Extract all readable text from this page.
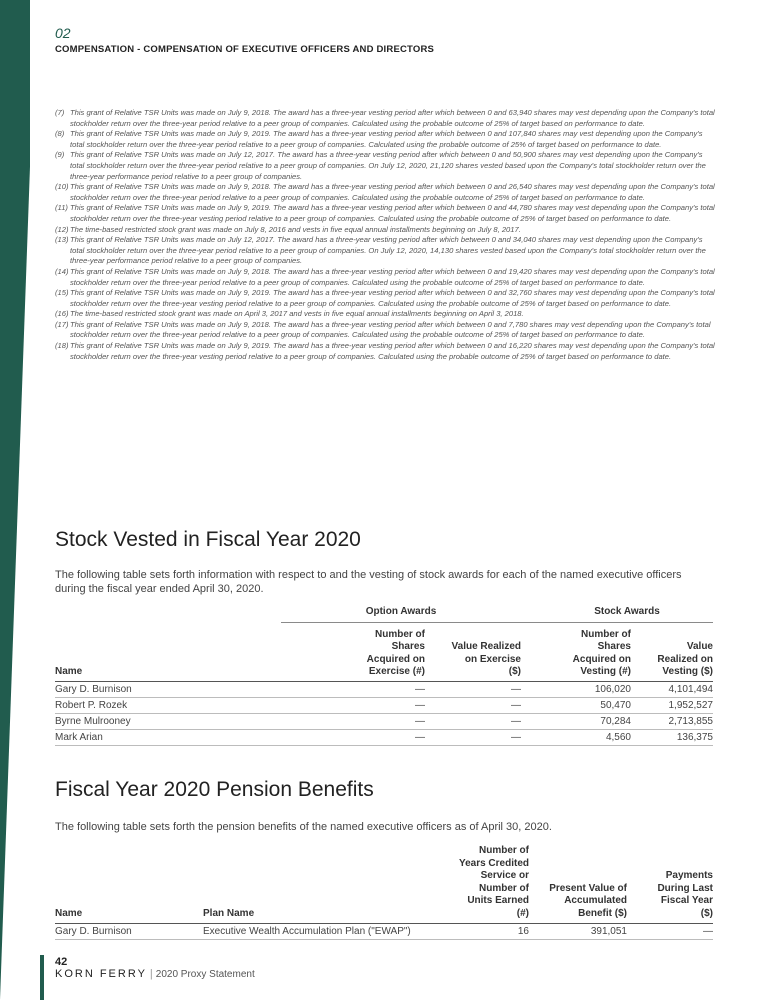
02
COMPENSATION - COMPENSATION OF EXECUTIVE OFFICERS AND DIRECTORS

(7) This grant of Relative TSR Units was made on July 9, 2018. The award has a three-year vesting period after which between 0 and 63,940 shares may vest depending upon the Company's total stockholder return over the three-year period relative to a peer group of companies. Calculated using the probable outcome of 25% of target based on performance to date.

(8) This grant of Relative TSR Units was made on July 9, 2019. The award has a three-year vesting period after which between 0 and 107,840 shares may vest depending upon the Company's total stockholder return over the three-year period relative to a peer group of companies. Calculated using the probable outcome of 25% of target based on performance to date.

(9) This grant of Relative TSR Units was made on July 12, 2017. The award has a three-year vesting period after which between 0 and 50,900 shares may vest depending upon the Company's total stockholder return over the three-year period relative to a peer group of companies. On July 12, 2020, 21,120 shares vested based upon the Company's total stockholder return over the three-year performance period relative to a peer group of companies.

(10) This grant of Relative TSR Units was made on July 9, 2018. The award has a three-year vesting period after which between 0 and 26,540 shares may vest depending upon the Company's total stockholder return over the three-year period relative to a peer group of companies. Calculated using the probable outcome of 25% of target based on performance to date.

(11) This grant of Relative TSR Units was made on July 9, 2019. The award has a three-year vesting period after which between 0 and 44,780 shares may vest depending upon the Company's total stockholder return over the three-year vesting period relative to a peer group of companies. Calculated using the probable outcome of 25% of target based on performance to date.

(12) The time-based restricted stock grant was made on July 8, 2016 and vests in five equal annual installments beginning on July 8, 2017.

(13) This grant of Relative TSR Units was made on July 12, 2017. The award has a three-year vesting period after which between 0 and 34,040 shares may vest depending upon the Company's total stockholder return over the three-year period relative to a peer group of companies. On July 12, 2020, 14,130 shares vested based upon the Company's total stockholder return over the three-year performance period relative to a peer group of companies.

(14) This grant of Relative TSR Units was made on July 9, 2018. The award has a three-year vesting period after which between 0 and 19,420 shares may vest depending upon the Company's total stockholder return over the three-year period relative to a peer group of companies. Calculated using the probable outcome of 25% of target based on performance to date.

(15) This grant of Relative TSR Units was made on July 9, 2019. The award has a three-year vesting period after which between 0 and 32,760 shares may vest depending upon the Company's total stockholder return over the three-year vesting period relative to a peer group of companies. Calculated using the probable outcome of 25% of target based on performance to date.

(16) The time-based restricted stock grant was made on April 3, 2017 and vests in five equal annual installments beginning on April 3, 2018.

(17) This grant of Relative TSR Units was made on July 9, 2018. The award has a three-year vesting period after which between 0 and 7,780 shares may vest depending upon the Company's total stockholder return over the three-year period relative to a peer group of companies. Calculated using the probable outcome of 25% of target based on performance to date.

(18) This grant of Relative TSR Units was made on July 9, 2019. The award has a three-year vesting period after which between 0 and 16,220 shares may vest depending upon the Company's total stockholder return over the three-year vesting period relative to a peer group of companies. Calculated using the probable outcome of 25% of target based on performance to date.

Stock Vested in Fiscal Year 2020
The following table sets forth information with respect to and the vesting of stock awards for each of the named executive officers during the fiscal year ended April 30, 2020.
	Option Awards		Stock Awards	
Name	Number of Shares Acquired on Exercise (#)	Value Realized on Exercise ($)	Number of Shares Acquired on Vesting (#)	Value Realized on Vesting ($)

Gary D. Burnison	—	—	106,020	4,101,494
Robert P. Rozek	—	—	50,470	1,952,527
Byrne Mulrooney	—	—	70,284	2,713,855
Mark Arian	—	—	4,560	136,375
Fiscal Year 2020 Pension Benefits
The following table sets forth the pension benefits of the named executive officers as of April 30, 2020.
Name	Plan Name	Number of Years Credited Service or Number of Units Earned (#)	Present Value of Accumulated Benefit ($)	Payments During Last Fiscal Year ($)

Gary D. Burnison	Executive Wealth Accumulation Plan ("EWAP")	16	391,051	—
42
KORN FERRY | 2020 Proxy Statement
